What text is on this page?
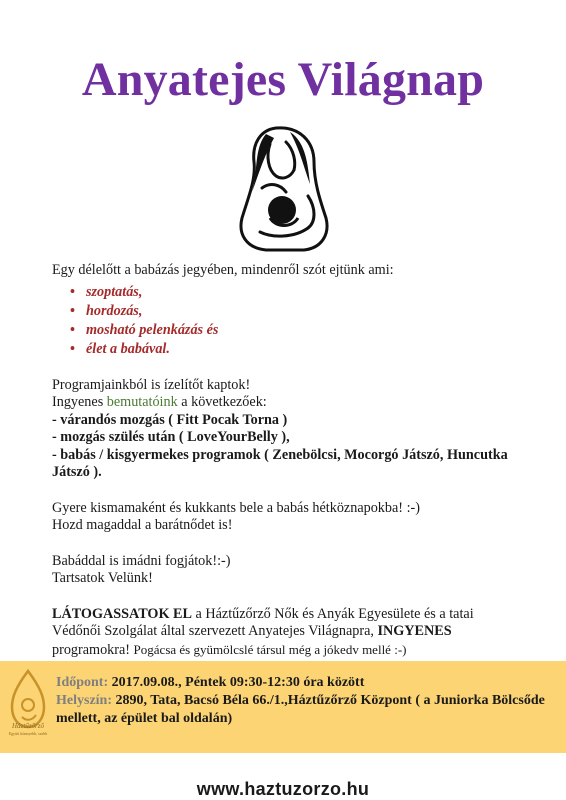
Anyatejes Világnap

Egy délelőtt a babázás jegyében, mindenről szót ejtünk ami:

• szoptatás,
• hordozás,
• mosható pelenkázás és
• élet a babával.

Programjainkból is ízelítőt kaptok!

Ingyenes bemutatóink a következőek:

- várandós mozgás ( Fitt Pocak Torna )

- mozgás szülés után ( LoveYourBelly ),

- babás / kisgyermekes programok ( Zenebölcsi, Mocorgó Játszó, Huncutka Játszó ).

Gyere kismamaként és kukkants bele a babás hétköznapokba! :-)

Hozd magaddal a barátnődet is!

Babáddal is imádni fogjátok!:-)

Tartsatok Velünk!

LÁTOGASSATOK EL a Háztűzőrző Nők és Anyák Egyesülete és a tatai Védőnői Szolgálat által szervezett Anyatejes Világnapra, INGYENES programokra! Pogácsa és gyümölcslé társul még a jókedv mellé :-)

Háztűzőrző
Együtt könnyebb, szebb

Időpont: 2017.09.08., Péntek 09:30-12:30 óra között

Helyszín: 2890, Tata, Bacsó Béla 66./1.,Háztűzőrző Központ ( a Juniorka Bölcsőde mellett, az épület bal oldalán)

www.haztuzorzo.hu
